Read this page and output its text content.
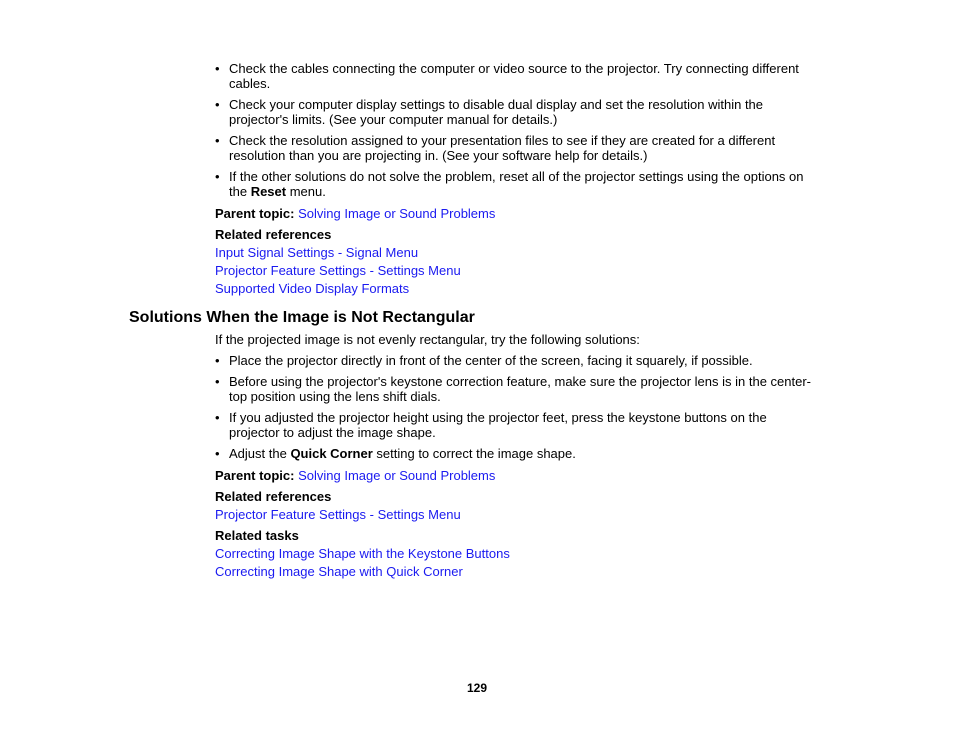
• Check the cables connecting the computer or video source to the projector. Try connecting different cables.
• Check your computer display settings to disable dual display and set the resolution within the projector's limits. (See your computer manual for details.)
• Check the resolution assigned to your presentation files to see if they are created for a different resolution than you are projecting in. (See your software help for details.)
• If the other solutions do not solve the problem, reset all of the projector settings using the options on the Reset menu.
Parent topic: Solving Image or Sound Problems
Related references
Input Signal Settings - Signal Menu
Projector Feature Settings - Settings Menu
Supported Video Display Formats
Solutions When the Image is Not Rectangular

If the projected image is not evenly rectangular, try the following solutions:

• Place the projector directly in front of the center of the screen, facing it squarely, if possible.
• Before using the projector's keystone correction feature, make sure the projector lens is in the center-top position using the lens shift dials.
• If you adjusted the projector height using the projector feet, press the keystone buttons on the projector to adjust the image shape.
• Adjust the Quick Corner setting to correct the image shape.
Parent topic: Solving Image or Sound Problems
Related references
Projector Feature Settings - Settings Menu
Related tasks
Correcting Image Shape with the Keystone Buttons
Correcting Image Shape with Quick Corner
129
